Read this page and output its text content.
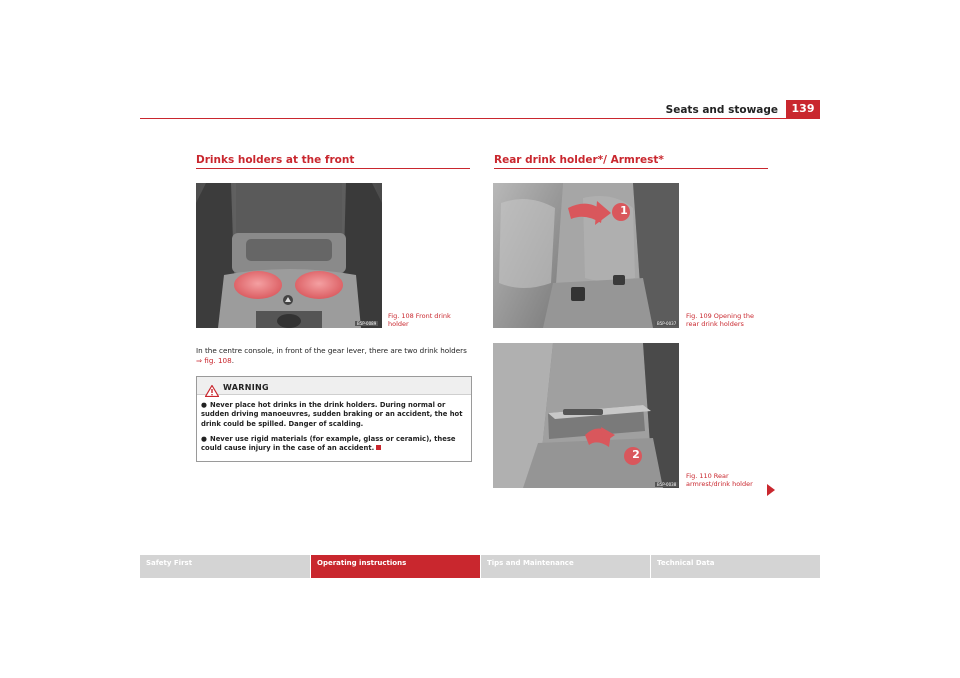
Seats and stowage	139
Drinks holders at the front
B5P-0089
Fig. 108 Front drink holder
In the centre console, in front of the gear lever, there are two drink holders
⇒ fig. 108.
WARNING
● Never place hot drinks in the drink holders. During normal or sudden driving manoeuvres, sudden braking or an accident, the hot drink could be spilled. Danger of scalding.
● Never use rigid materials (for example, glass or ceramic), these could cause injury in the case of an accident.
Rear drink holder*/ Armrest*
1
B5P-0037
Fig. 109 Opening the rear drink holders
2
B5P-0038
Fig. 110 Rear armrest/drink holder
Safety First	Operating instructions	Tips and Maintenance	Technical Data
